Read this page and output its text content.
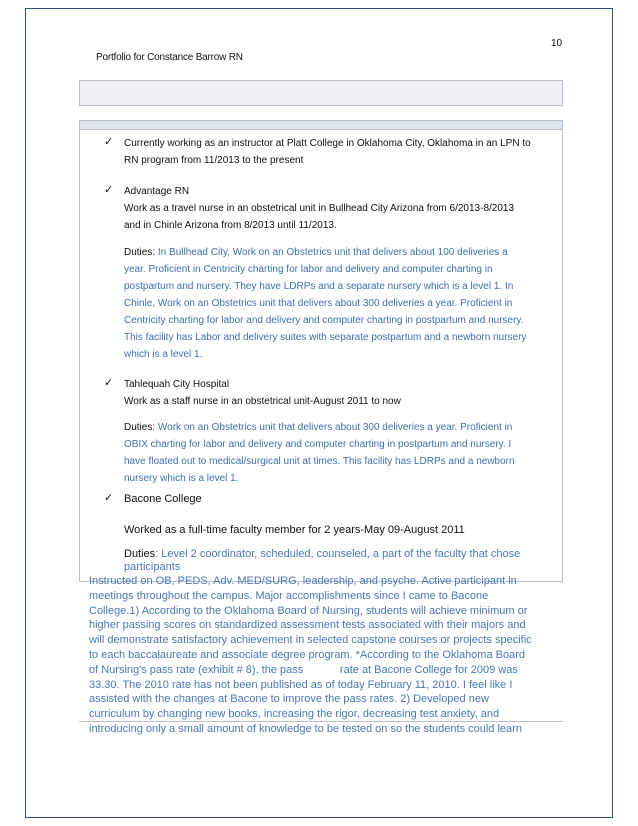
10
Portfolio for Constance Barrow RN
✓	Currently working as an instructor at Platt College in Oklahoma City, Oklahoma in an LPN to
RN program from 11/2013 to the present
✓	Advantage RN
Work as a travel nurse in an obstetrical unit in Bullhead City Arizona from 6/2013-8/2013
and in Chinle Arizona from 8/2013 until 11/2013.
Duties: In Bullhead City, Work on an Obstetrics unit that delivers about 100 deliveries a
year. Proficient in Centricity charting for labor and delivery and computer charting in
postpartum and nursery. They have LDRPs and a separate nursery which is a level 1. In
Chinle, Work on an Obstetrics unit that delivers about 300 deliveries a year. Proficient in
Centricity charting for labor and delivery and computer charting in postpartum and nursery.
This facility has Labor and delivery suites with separate postpartum and a newborn nursery
which is a level 1.
✓	Tahlequah City Hospital
Work as a staff nurse in an obstetrical unit-August 2011 to now
Duties: Work on an Obstetrics unit that delivers about 300 deliveries a year. Proficient in
OBIX charting for labor and delivery and computer charting in postpartum and nursery. I
have floated out to medical/surgical unit at times. This facility has LDRPs and a newborn
nursery which is a level 1.
✓ Bacone College
Worked as a full-time faculty member for 2 years-May 09-August 2011
Duties: Level 2 coordinator, scheduled, counseled, a part of the faculty that chose participants
Instructed on OB, PEDS, Adv. MED/SURG, leadership, and psyche. Active participant in
meetings throughout the campus. Major accomplishments since I came to Bacone
College.1) According to the Oklahoma Board of Nursing, students will achieve minimum or
higher passing scores on standardized assessment tests associated with their majors and
will demonstrate satisfactory achievement in selected capstone courses or projects specific
to each baccalaureate and associate degree program. *According to the Oklahoma Board
of Nursing's pass rate (exhibit # 8), the pass            rate at Bacone College for 2009 was
33.30. The 2010 rate has not been published as of today February 11, 2010. I feel like I
assisted with the changes at Bacone to improve the pass rates. 2) Developed new
curriculum by changing new books, increasing the rigor, decreasing test anxiety, and
introducing only a small amount of knowledge to be tested on so the students could learn
